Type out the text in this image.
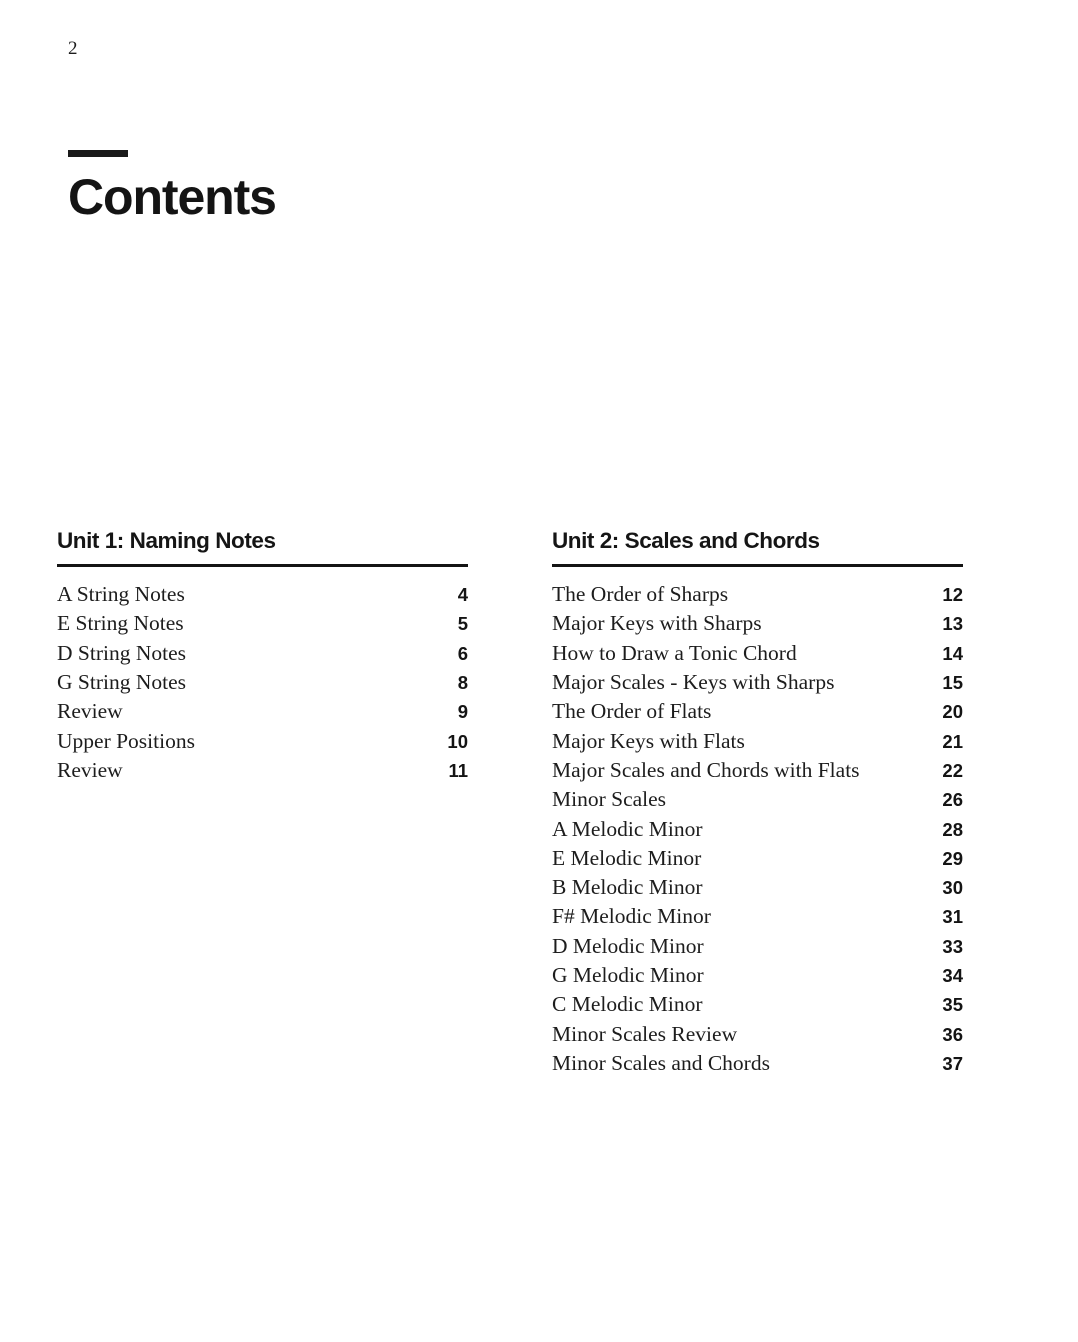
2
Contents
Unit 1: Naming Notes
A String Notes	4
E String Notes	5
D String Notes	6
G String Notes	8
Review	9
Upper Positions	10
Review	11
Unit 2: Scales and Chords
The Order of Sharps	12
Major Keys with Sharps	13
How to Draw a Tonic Chord	14
Major Scales - Keys with Sharps	15
The Order of Flats	20
Major Keys with Flats	21
Major Scales and Chords with Flats	22
Minor Scales	26
A Melodic Minor	28
E Melodic Minor	29
B Melodic Minor	30
F# Melodic Minor	31
D Melodic Minor	33
G Melodic Minor	34
C Melodic Minor	35
Minor Scales Review	36
Minor Scales and Chords	37
